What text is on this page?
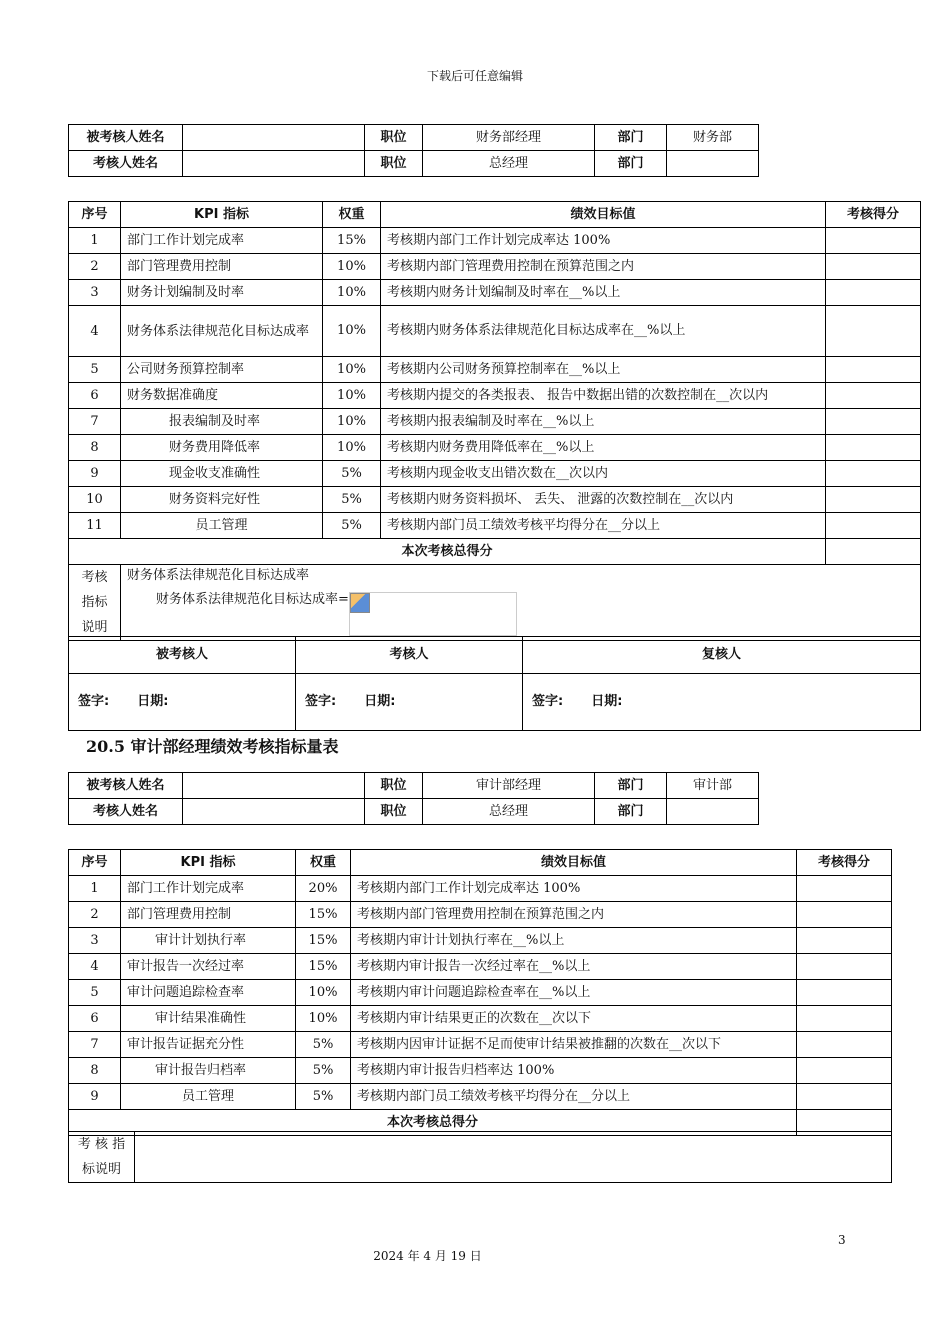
下载后可任意编辑
被考核人姓名		职位	财务部经理	部门	财务部
考核人姓名		职位	总经理	部门	
序号	KPI 指标	权重	绩效目标值	考核得分
1	部门工作计划完成率	15%	考核期内部门工作计划完成率达 100%	
2	部门管理费用控制	10%	考核期内部门管理费用控制在预算范围之内	
3	财务计划编制及时率	10%	考核期内财务计划编制及时率在__%以上	
4	财务体系法律规范化目标达成率	10%	考核期内财务体系法律规范化目标达成率在__%以上	
5	公司财务预算控制率	10%	考核期内公司财务预算控制率在__%以上	
6	财务数据准确度	10%	考核期内提交的各类报表、 报告中数据出错的次数控制在__次以内	
7	报表编制及时率	10%	考核期内报表编制及时率在__%以上	
8	财务费用降低率	10%	考核期内财务费用降低率在__%以上	
9	现金收支准确性	5%	考核期内现金收支出错次数在__次以内	
10	财务资料完好性	5%	考核期内财务资料损坏、 丢失、 泄露的次数控制在__次以内	
11	员工管理	5%	考核期内部门员工绩效考核平均得分在__分以上	
本次考核总得分				
考核指标说明	财务体系法律规范化目标达成率
财务体系法律规范化目标达成率=			
被考核人	考核人	复核人
签字: 日期:	签字: 日期:	签字: 日期:
20.5 审计部经理绩效考核指标量表
被考核人姓名		职位	审计部经理	部门	审计部
考核人姓名		职位	总经理	部门	
序号	KPI 指标	权重	绩效目标值	考核得分
1	部门工作计划完成率	20%	考核期内部门工作计划完成率达 100%	
2	部门管理费用控制	15%	考核期内部门管理费用控制在预算范围之内	
3	审计计划执行率	15%	考核期内审计计划执行率在__%以上	
4	审计报告一次经过率	15%	考核期内审计报告一次经过率在__%以上	
5	审计问题追踪检查率	10%	考核期内审计问题追踪检查率在__%以上	
6	审计结果准确性	10%	考核期内审计结果更正的次数在__次以下	
7	审计报告证据充分性	5%	考核期内因审计证据不足而使审计结果被推翻的次数在__次以下	
8	审计报告归档率	5%	考核期内审计报告归档率达 100%	
9	员工管理	5%	考核期内部门员工绩效考核平均得分在__分以上	
本次考核总得分				
考 核 指 标说明	
3
2024 年 4 月 19 日
